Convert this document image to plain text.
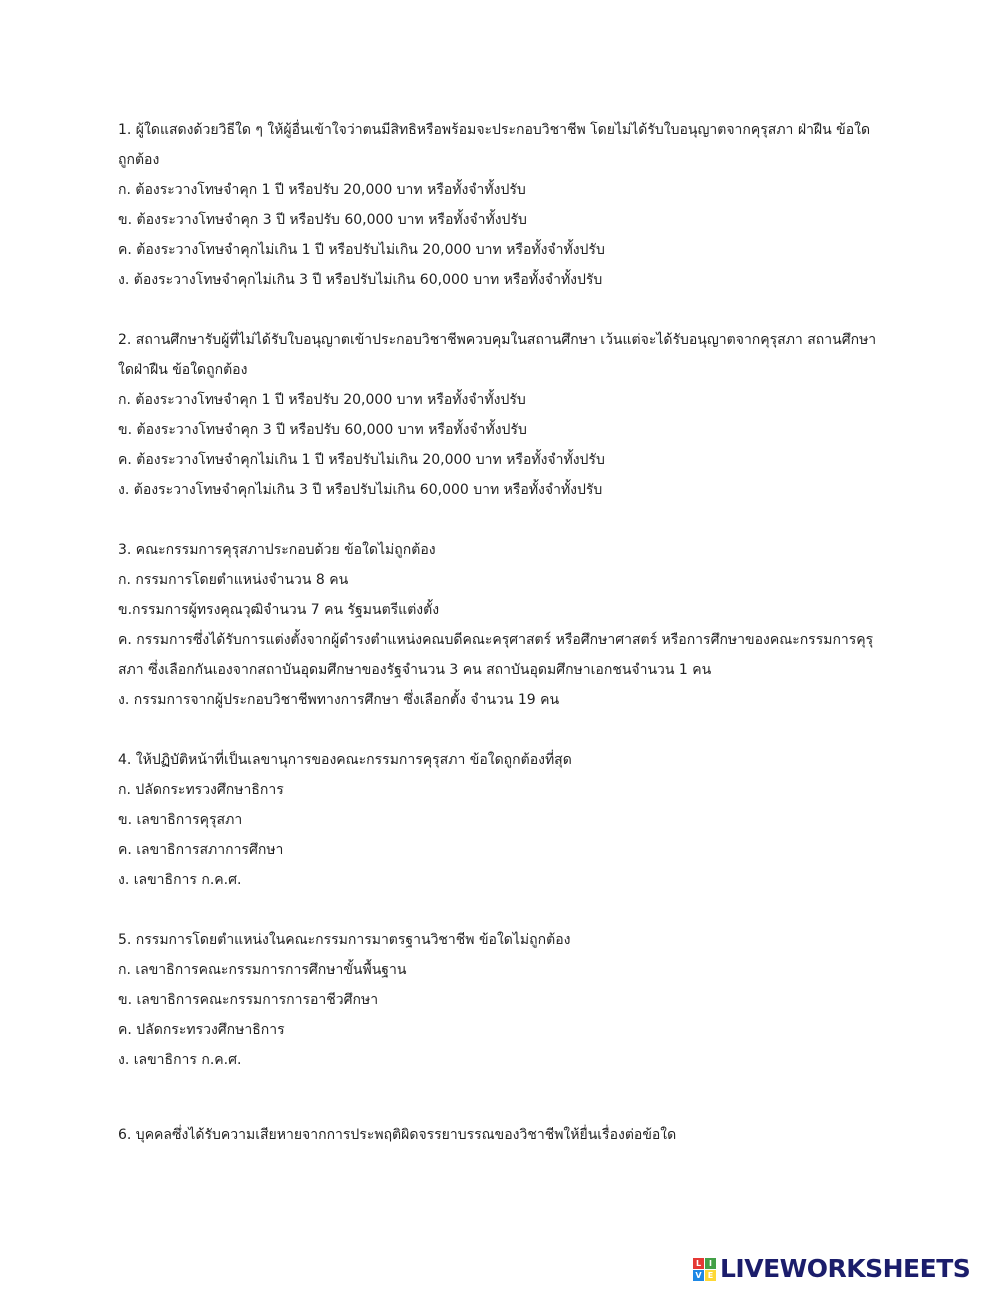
1. ผู้ใดแสดงด้วยวิธีใด ๆ ให้ผู้อื่นเข้าใจว่าตนมีสิทธิหรือพร้อมจะประกอบวิชาชีพ โดยไม่ได้รับใบอนุญาตจากคุรุสภา ฝ่าฝืน ข้อใด
ถูกต้อง
ก. ต้องระวางโทษจำคุก 1 ปี หรือปรับ 20,000 บาท หรือทั้งจำทั้งปรับ
ข. ต้องระวางโทษจำคุก 3 ปี หรือปรับ 60,000 บาท หรือทั้งจำทั้งปรับ
ค. ต้องระวางโทษจำคุกไม่เกิน 1 ปี หรือปรับไม่เกิน 20,000 บาท หรือทั้งจำทั้งปรับ
ง. ต้องระวางโทษจำคุกไม่เกิน 3 ปี หรือปรับไม่เกิน 60,000 บาท หรือทั้งจำทั้งปรับ
2. สถานศึกษารับผู้ที่ไม่ได้รับใบอนุญาตเข้าประกอบวิชาชีพควบคุมในสถานศึกษา เว้นแต่จะได้รับอนุญาตจากคุรุสภา สถานศึกษา
ใดฝ่าฝืน ข้อใดถูกต้อง
ก. ต้องระวางโทษจำคุก 1 ปี หรือปรับ 20,000 บาท หรือทั้งจำทั้งปรับ
ข. ต้องระวางโทษจำคุก 3 ปี หรือปรับ 60,000 บาท หรือทั้งจำทั้งปรับ
ค. ต้องระวางโทษจำคุกไม่เกิน 1 ปี หรือปรับไม่เกิน 20,000 บาท หรือทั้งจำทั้งปรับ
ง. ต้องระวางโทษจำคุกไม่เกิน 3 ปี หรือปรับไม่เกิน 60,000 บาท หรือทั้งจำทั้งปรับ
3. คณะกรรมการคุรุสภาประกอบด้วย ข้อใดไม่ถูกต้อง
ก. กรรมการโดยตำแหน่งจำนวน 8 คน
ข.กรรมการผู้ทรงคุณวุฒิจำนวน 7 คน รัฐมนตรีแต่งตั้ง
ค. กรรมการซึ่งได้รับการแต่งตั้งจากผู้ดำรงตำแหน่งคณบดีคณะครุศาสตร์ หรือศึกษาศาสตร์ หรือการศึกษาของคณะกรรมการคุรุ
สภา ซึ่งเลือกกันเองจากสถาบันอุดมศึกษาของรัฐจำนวน 3 คน สถาบันอุดมศึกษาเอกชนจำนวน 1 คน
ง. กรรมการจากผู้ประกอบวิชาชีพทางการศึกษา ซึ่งเลือกตั้ง จำนวน 19 คน
4. ให้ปฏิบัติหน้าที่เป็นเลขานุการของคณะกรรมการคุรุสภา ข้อใดถูกต้องที่สุด
ก. ปลัดกระทรวงศึกษาธิการ
ข. เลขาธิการคุรุสภา
ค. เลขาธิการสภาการศึกษา
ง. เลขาธิการ ก.ค.ศ.
5. กรรมการโดยตำแหน่งในคณะกรรมการมาตรฐานวิชาชีพ ข้อใดไม่ถูกต้อง
ก. เลขาธิการคณะกรรมการการศึกษาขั้นพื้นฐาน
ข. เลขาธิการคณะกรรมการการอาชีวศึกษา
ค. ปลัดกระทรวงศึกษาธิการ
ง. เลขาธิการ ก.ค.ศ.
6. บุคคลซึ่งได้รับความเสียหายจากการประพฤติผิดจรรยาบรรณของวิชาชีพให้ยื่นเรื่องต่อข้อใด
L I
V E LIVEWORKSHEETS
